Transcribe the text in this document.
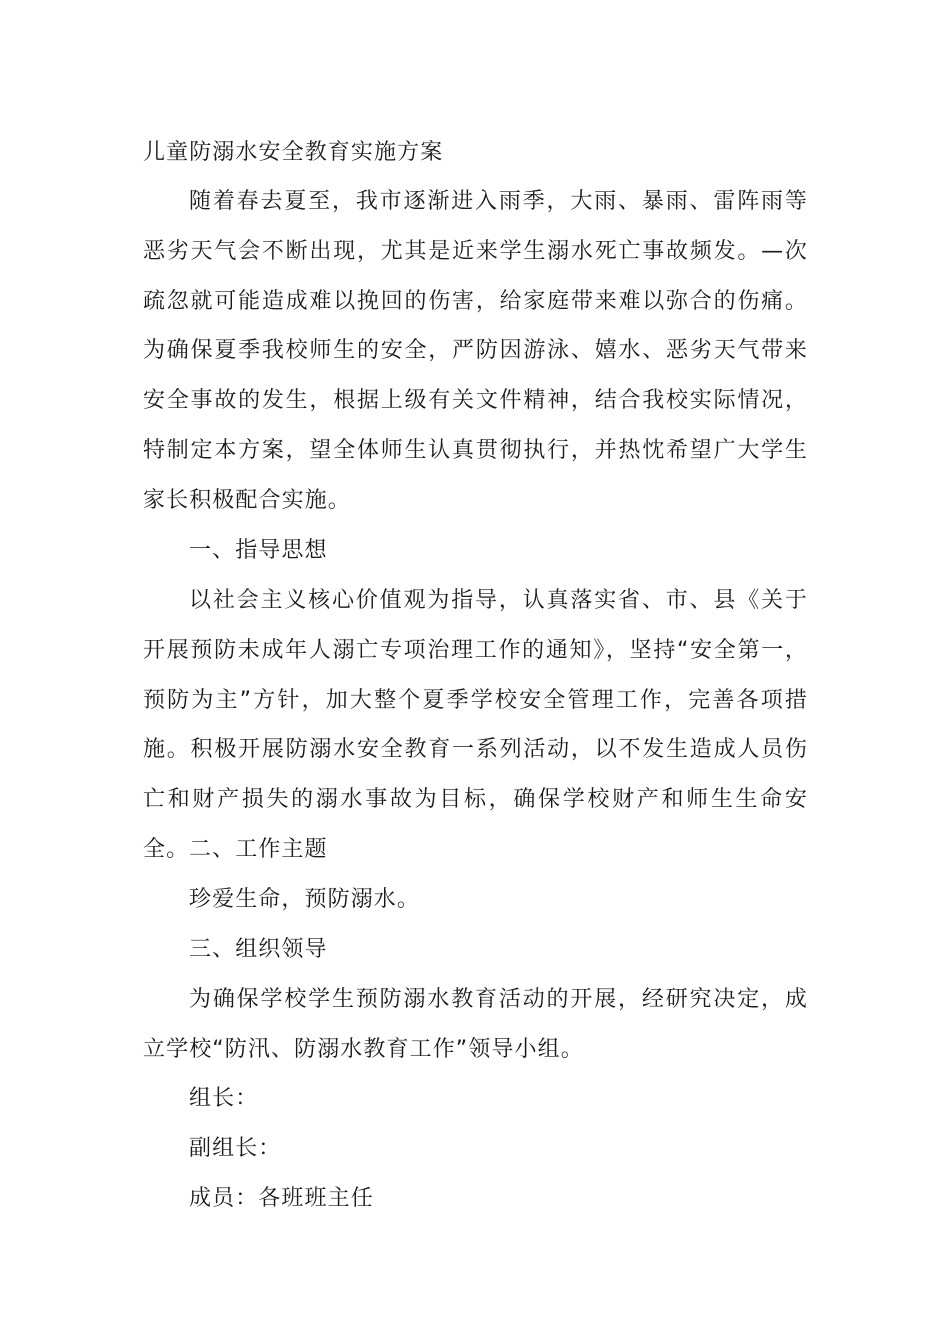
儿童防溺水安全教育实施方案

随着春去夏至，我市逐渐进入雨季，大雨、暴雨、雷阵雨等恶劣天气会不断出现，尤其是近来学生溺水死亡事故频发。—次疏忽就可能造成难以挽回的伤害，给家庭带来难以弥合的伤痛。为确保夏季我校师生的安全，严防因游泳、嬉水、恶劣天气带来安全事故的发生，根据上级有关文件精神，结合我校实际情况，特制定本方案，望全体师生认真贯彻执行，并热忱希望广大学生家长积极配合实施。

一、指导思想

以社会主义核心价值观为指导，认真落实省、市、县《关于开展预防未成年人溺亡专项治理工作的通知》，坚持“安全第一，预防为主”方针，加大整个夏季学校安全管理工作，完善各项措施。积极开展防溺水安全教育一系列活动，以不发生造成人员伤亡和财产损失的溺水事故为目标，确保学校财产和师生生命安全。 二、工作主题

珍爱生命，预防溺水。

三、组织领导

为确保学校学生预防溺水教育活动的开展，经研究决定，成立学校“防汛、防溺水教育工作”领导小组。

组长：

副组长：

成员：各班班主任
